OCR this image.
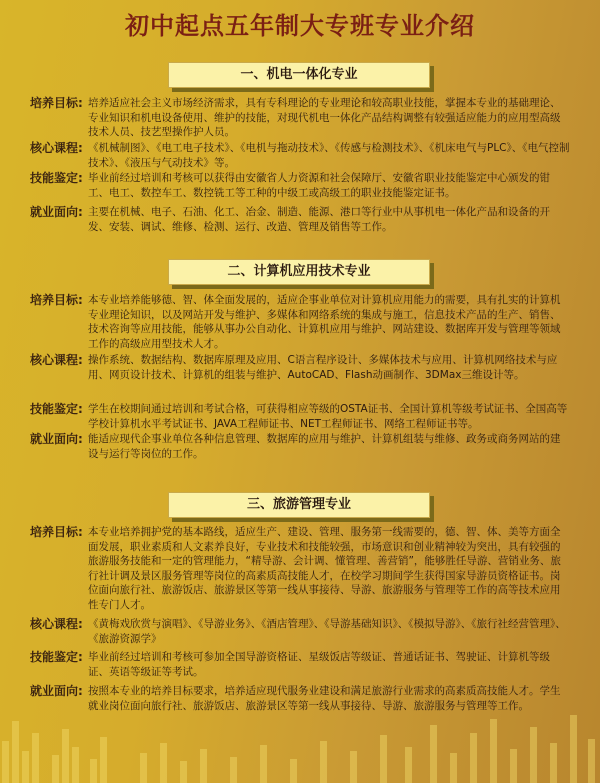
初中起点五年制大专班专业介绍
一、机电一体化专业
培养目标: 培养适应社会主义市场经济需求，具有专科理论的专业理论和较高职业技能，掌握本专业的基础理论、专业知识和机电设备使用、维护的技能，对现代机电一体化产品结构调整有较强适应能力的应用型高级技术人员、技艺型操作护人员。
核心课程: 《机械制图》、《电工电子技术》、《电机与拖动技术》、《传感与检测技术》、《机床电气与PLC》、《电气控制技术》、《液压与气动技术》等。
技能鉴定: 毕业前经过培训和考核可以获得由安徽省人力资源和社会保障厅、安徽省职业技能鉴定中心颁发的钳工、电工、数控车工、数控铣工等工种的中级工或高级工的职业技能鉴定证书。
就业面向: 主要在机械、电子、石油、化工、冶金、制造、能源、港口等行业中从事机电一体化产品和设备的开发、安装、调试、维修、检测、运行、改造、管理及销售等工作。
二、计算机应用技术专业
培养目标: 本专业培养能够德、智、体全面发展的，适应企事业单位对计算机应用能力的需要，具有扎实的计算机专业理论知识，以及网站开发与维护、多媒体和网络系统的集成与施工，信息技术产品的生产、销售、技术咨询等应用技能，能够从事办公自动化、计算机应用与维护、网站建设、数据库开发与管理等领域工作的高级应用型技术人才。
核心课程: 操作系统、数据结构、数据库原理及应用、C语言程序设计、多媒体技术与应用、计算机网络技术与应用、网页设计技术、计算机的组装与维护、AutoCAD、Flash动画制作、3DMax三维设计等。
技能鉴定: 学生在校期间通过培训和考试合格，可获得相应等级的OSTA证书、全国计算机等级考试证书、全国高等学校计算机水平考试证书、JAVA工程师证书、NET工程师证书、网络工程师证书等。
就业面向: 能适应现代企事业单位各种信息管理、数据库的应用与维护、计算机组装与维修、政务或商务网站的建设与运行等岗位的工作。
三、旅游管理专业
培养目标: 本专业培养拥护党的基本路线，适应生产、建设、管理、服务第一线需要的，德、智、体、美等方面全面发展，职业素质和人文素养良好，专业技术和技能较强，市场意识和创业精神较为突出，具有较强的旅游服务技能和一定的管理能力，“精导游、会计调、懂管理、善营销”，能够胜任导游、营销业务、旅行社计调及景区服务管理等岗位的高素质高技能人才，在校学习期间学生获得国家导游员资格证书。岗位面向旅行社、旅游饭店、旅游景区等第一线从事接待、导游、旅游服务与管理等工作的高等技术应用性专门人才。
核心课程: 《黄梅戏欣赏与演唱》、《导游业务》、《酒店管理》、《导游基础知识》、《模拟导游》、《旅行社经营管理》、《旅游资源学》
技能鉴定: 毕业前经过培训和考核可参加全国导游资格证、星级饭店等级证、普通话证书、驾驶证、计算机等级证、英语等级证等考试。
就业面向: 按照本专业的培养目标要求，培养适应现代服务业建设和满足旅游行业需求的高素质高技能人才。学生就业岗位面向旅行社、旅游饭店、旅游景区等第一线从事接待、导游、旅游服务与管理等工作。
